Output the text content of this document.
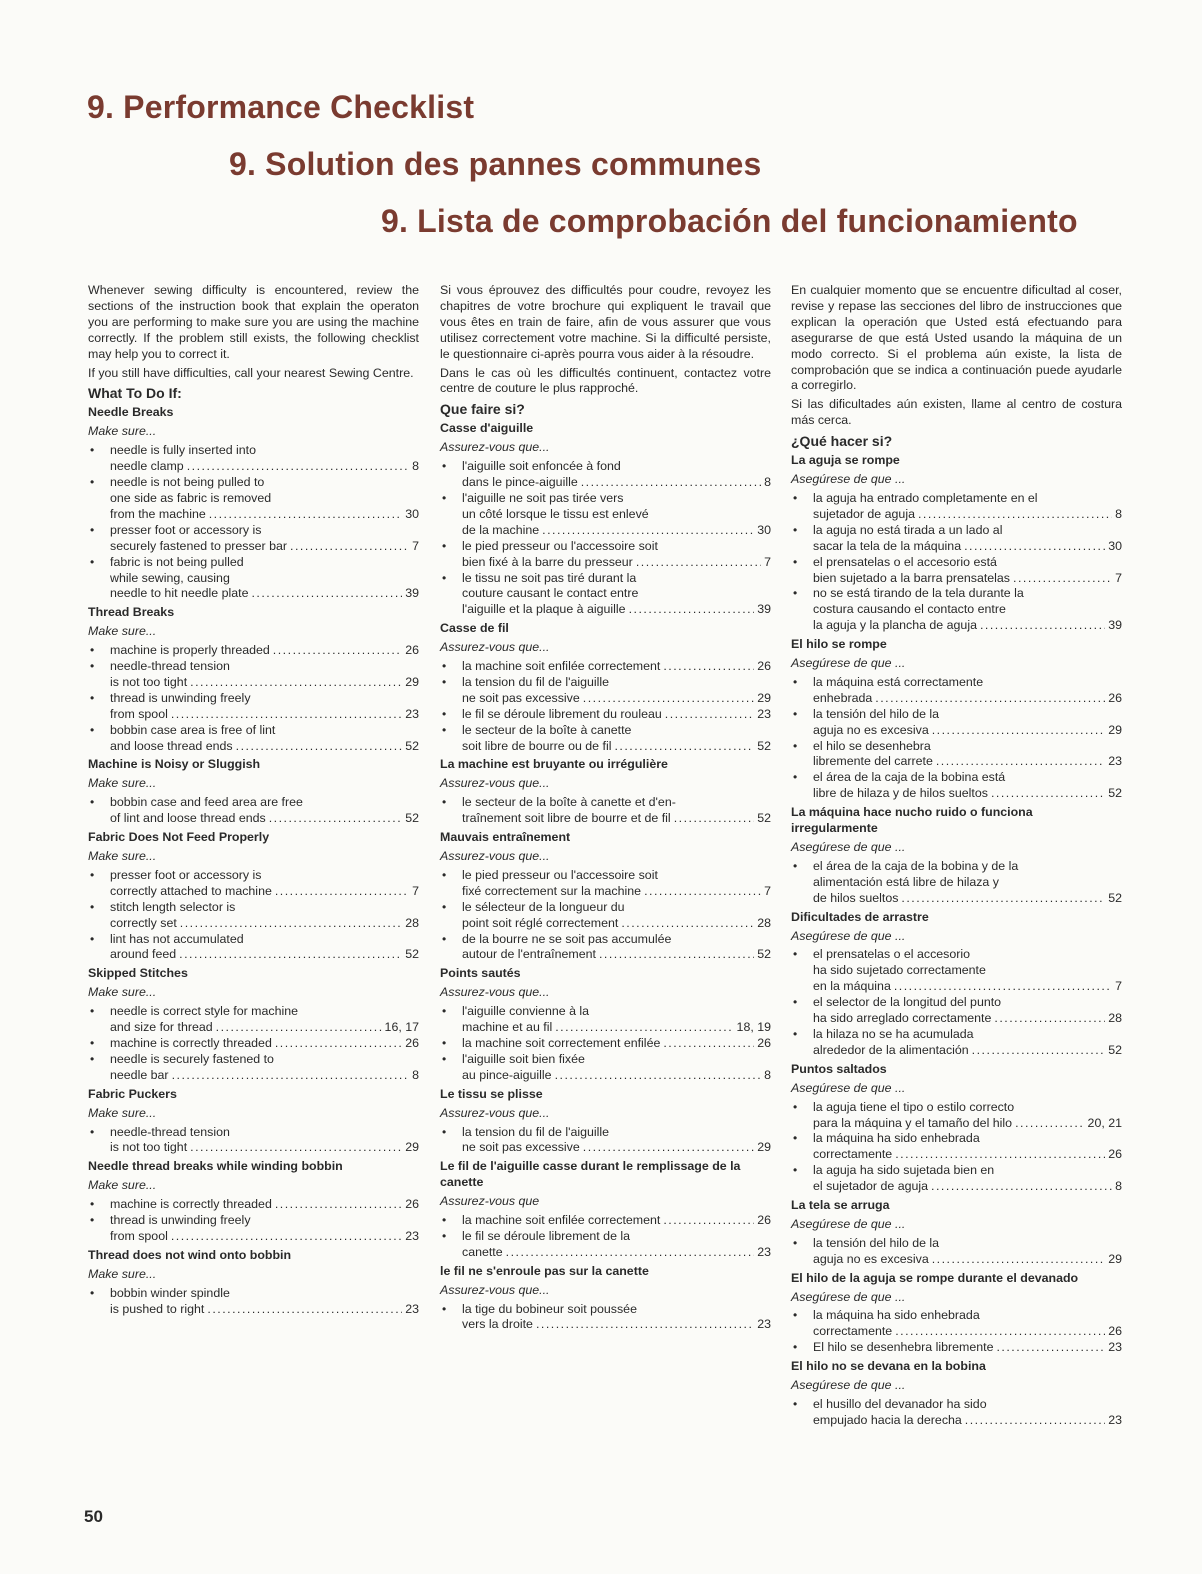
9. Performance Checklist
9. Solution des pannes communes
9. Lista de comprobación del funcionamiento

Whenever sewing difficulty is encountered, review the sections of the instruction book that explain the operaton you are performing to make sure you are using the machine correctly. If the problem still exists, the following checklist may help you to correct it.

If you still have difficulties, call your nearest Sewing Centre.

What To Do If:
Needle Breaks
Make sure...
• needle is fully inserted into
needle clamp .....	8
• needle is not being pulled to
one side as fabric is removed
from the machine .....	30
• presser foot or accessory is
securely fastened to presser bar .....	7
• fabric is not being pulled
while sewing, causing
needle to hit needle plate .....	39
Thread Breaks
Make sure...
• machine is properly threaded .....	26
• needle-thread tension
is not too tight .....	29
• thread is unwinding freely
from spool .....	23
• bobbin case area is free of lint
and loose thread ends .....	52
Machine is Noisy or Sluggish
Make sure...
• bobbin case and feed area are free
of lint and loose thread ends .....	52
Fabric Does Not Feed Properly
Make sure...
• presser foot or accessory is
correctly attached to machine .....	7
• stitch length selector is
correctly set .....	28
• lint has not accumulated
around feed .....	52
Skipped Stitches
Make sure...
• needle is correct style for machine
and size for thread .....	16, 17
• machine is correctly threaded .....	26
• needle is securely fastened to
needle bar .....	8
Fabric Puckers
Make sure...
• needle-thread tension
is not too tight .....	29
Needle thread breaks while winding bobbin
Make sure...
• machine is correctly threaded .....	26
• thread is unwinding freely
from spool .....	23
Thread does not wind onto bobbin
Make sure...
• bobbin winder spindle
is pushed to right .....	23

Si vous éprouvez des difficultés pour coudre, revoyez les chapitres de votre brochure qui expliquent le travail que vous êtes en train de faire, afin de vous assurer que vous utilisez correctement votre machine. Si la difficulté persiste, le questionnaire ci-après pourra vous aider à la résoudre.

Dans le cas où les difficultés continuent, contactez votre centre de couture le plus rapproché.

Que faire si?
Casse d'aiguille
Assurez-vous que...
• l'aiguille soit enfoncée à fond
dans le pince-aiguille .....	8
• l'aiguille ne soit pas tirée vers
un côté lorsque le tissu est enlevé
de la machine .....	30
• le pied presseur ou l'accessoire soit
bien fixé à la barre du presseur .....	7
• le tissu ne soit pas tiré durant la
couture causant le contact entre
l'aiguille et la plaque à aiguille .....	39
Casse de fil
Assurez-vous que...
• la machine soit enfilée correctement .....	26
• la tension du fil de l'aiguille
ne soit pas excessive .....	29
• le fil se déroule librement du rouleau .....	23
• le secteur de la boîte à canette
soit libre de bourre ou de fil .....	52
La machine est bruyante ou irrégulière
Assurez-vous que...
• le secteur de la boîte à canette et d'en-
traînement soit libre de bourre et de fil .....	52
Mauvais entraînement
Assurez-vous que...
• le pied presseur ou l'accessoire soit
fixé correctement sur la machine .....	7
• le sélecteur de la longueur du
point soit réglé correctement .....	28
• de la bourre ne se soit pas accumulée
autour de l'entraînement .....	52
Points sautés
Assurez-vous que...
• l'aiguille convienne à la
machine et au fil .....	18, 19
• la machine soit correctement enfilée .....	26
• l'aiguille soit bien fixée
au pince-aiguille .....	8
Le tissu se plisse
Assurez-vous que...
• la tension du fil de l'aiguille
ne soit pas excessive .....	29
Le fil de l'aiguille casse durant le remplissage de la canette
Assurez-vous que
• la machine soit enfilée correctement .....	26
• le fil se déroule librement de la
canette .....	23
le fil ne s'enroule pas sur la canette
Assurez-vous que...
• la tige du bobineur soit poussée
vers la droite .....	23

En cualquier momento que se encuentre dificultad al coser, revise y repase las secciones del libro de instrucciones que explican la operación que Usted está efectuando para asegurarse de que está Usted usando la máquina de un modo correcto. Si el problema aún existe, la lista de comprobación que se indica a continuación puede ayudarle a corregirlo.

Si las dificultades aún existen, llame al centro de costura más cerca.

¿Qué hacer si?
La aguja se rompe
Asegúrese de que ...
• la aguja ha entrado completamente en el
sujetador de aguja .....	8
• la aguja no está tirada a un lado al
sacar la tela de la máquina .....	30
• el prensatelas o el accesorio está
bien sujetado a la barra prensatelas .....	7
• no se está tirando de la tela durante la
costura causando el contacto entre
la aguja y la plancha de aguja .....	39
El hilo se rompe
Asegúrese de que ...
• la máquina está correctamente
enhebrada .....	26
• la tensión del hilo de la
aguja no es excesiva .....	29
• el hilo se desenhebra
libremente del carrete .....	23
• el área de la caja de la bobina está
libre de hilaza y de hilos sueltos .....	52
La máquina hace nucho ruido o funciona irregularmente
Asegúrese de que ...
• el área de la caja de la bobina y de la
alimentación está libre de hilaza y
de hilos sueltos .....	52
Dificultades de arrastre
Asegúrese de que ...
• el prensatelas o el accesorio
ha sido sujetado correctamente
en la máquina .....	7
• el selector de la longitud del punto
ha sido arreglado correctamente .....	28
• la hilaza no se ha acumulada
alrededor de la alimentación .....	52
Puntos saltados
Asegúrese de que ...
• la aguja tiene el tipo o estilo correcto
para la máquina y el tamaño del hilo .....	20, 21
• la máquina ha sido enhebrada
correctamente .....	26
• la aguja ha sido sujetada bien en
el sujetador de aguja .....	8
La tela se arruga
Asegúrese de que ...
• la tensión del hilo de la
aguja no es excesiva .....	29
El hilo de la aguja se rompe durante el devanado
Asegúrese de que ...
• la máquina ha sido enhebrada
correctamente .....	26
• El hilo se desenhebra libremente .....	23
El hilo no se devana en la bobina
Asegúrese de que ...
• el husillo del devanador ha sido
empujado hacia la derecha .....	23

50
